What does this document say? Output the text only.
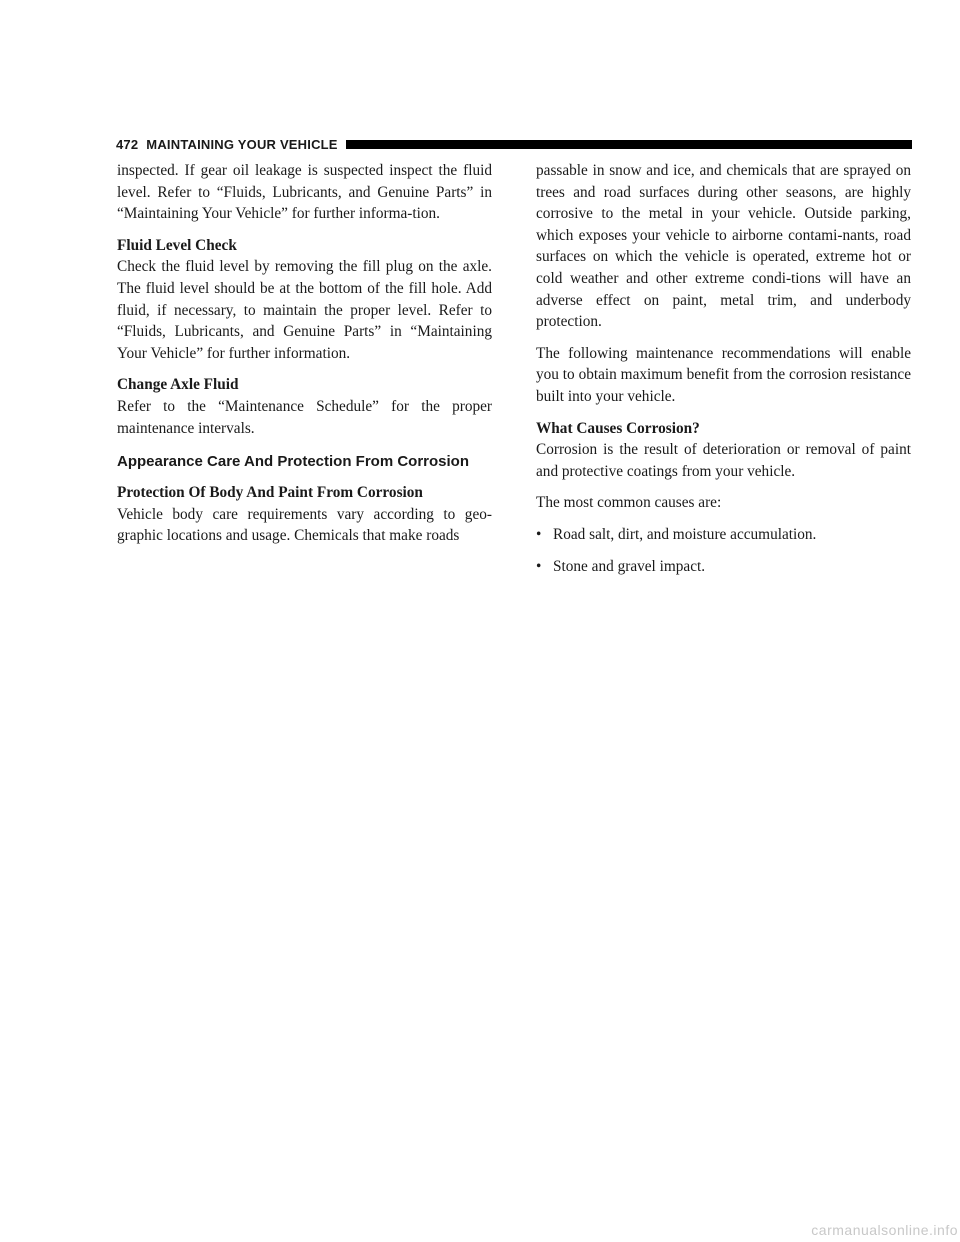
472 MAINTAINING YOUR VEHICLE

inspected. If gear oil leakage is suspected inspect the fluid level. Refer to “Fluids, Lubricants, and Genuine Parts” in “Maintaining Your Vehicle” for further informa-tion.

Fluid Level Check

Check the fluid level by removing the fill plug on the axle. The fluid level should be at the bottom of the fill hole. Add fluid, if necessary, to maintain the proper level. Refer to “Fluids, Lubricants, and Genuine Parts” in “Maintaining Your Vehicle” for further information.

Change Axle Fluid

Refer to the “Maintenance Schedule” for the proper maintenance intervals.

Appearance Care And Protection From Corrosion
Protection Of Body And Paint From Corrosion

Vehicle body care requirements vary according to geo-graphic locations and usage. Chemicals that make roads

passable in snow and ice, and chemicals that are sprayed on trees and road surfaces during other seasons, are highly corrosive to the metal in your vehicle. Outside parking, which exposes your vehicle to airborne contami-nants, road surfaces on which the vehicle is operated, extreme hot or cold weather and other extreme condi-tions will have an adverse effect on paint, metal trim, and underbody protection.

The following maintenance recommendations will enable you to obtain maximum benefit from the corrosion resistance built into your vehicle.

What Causes Corrosion?

Corrosion is the result of deterioration or removal of paint and protective coatings from your vehicle.

The most common causes are:

• Road salt, dirt, and moisture accumulation.
• Stone and gravel impact.
carmanualsonline.info
